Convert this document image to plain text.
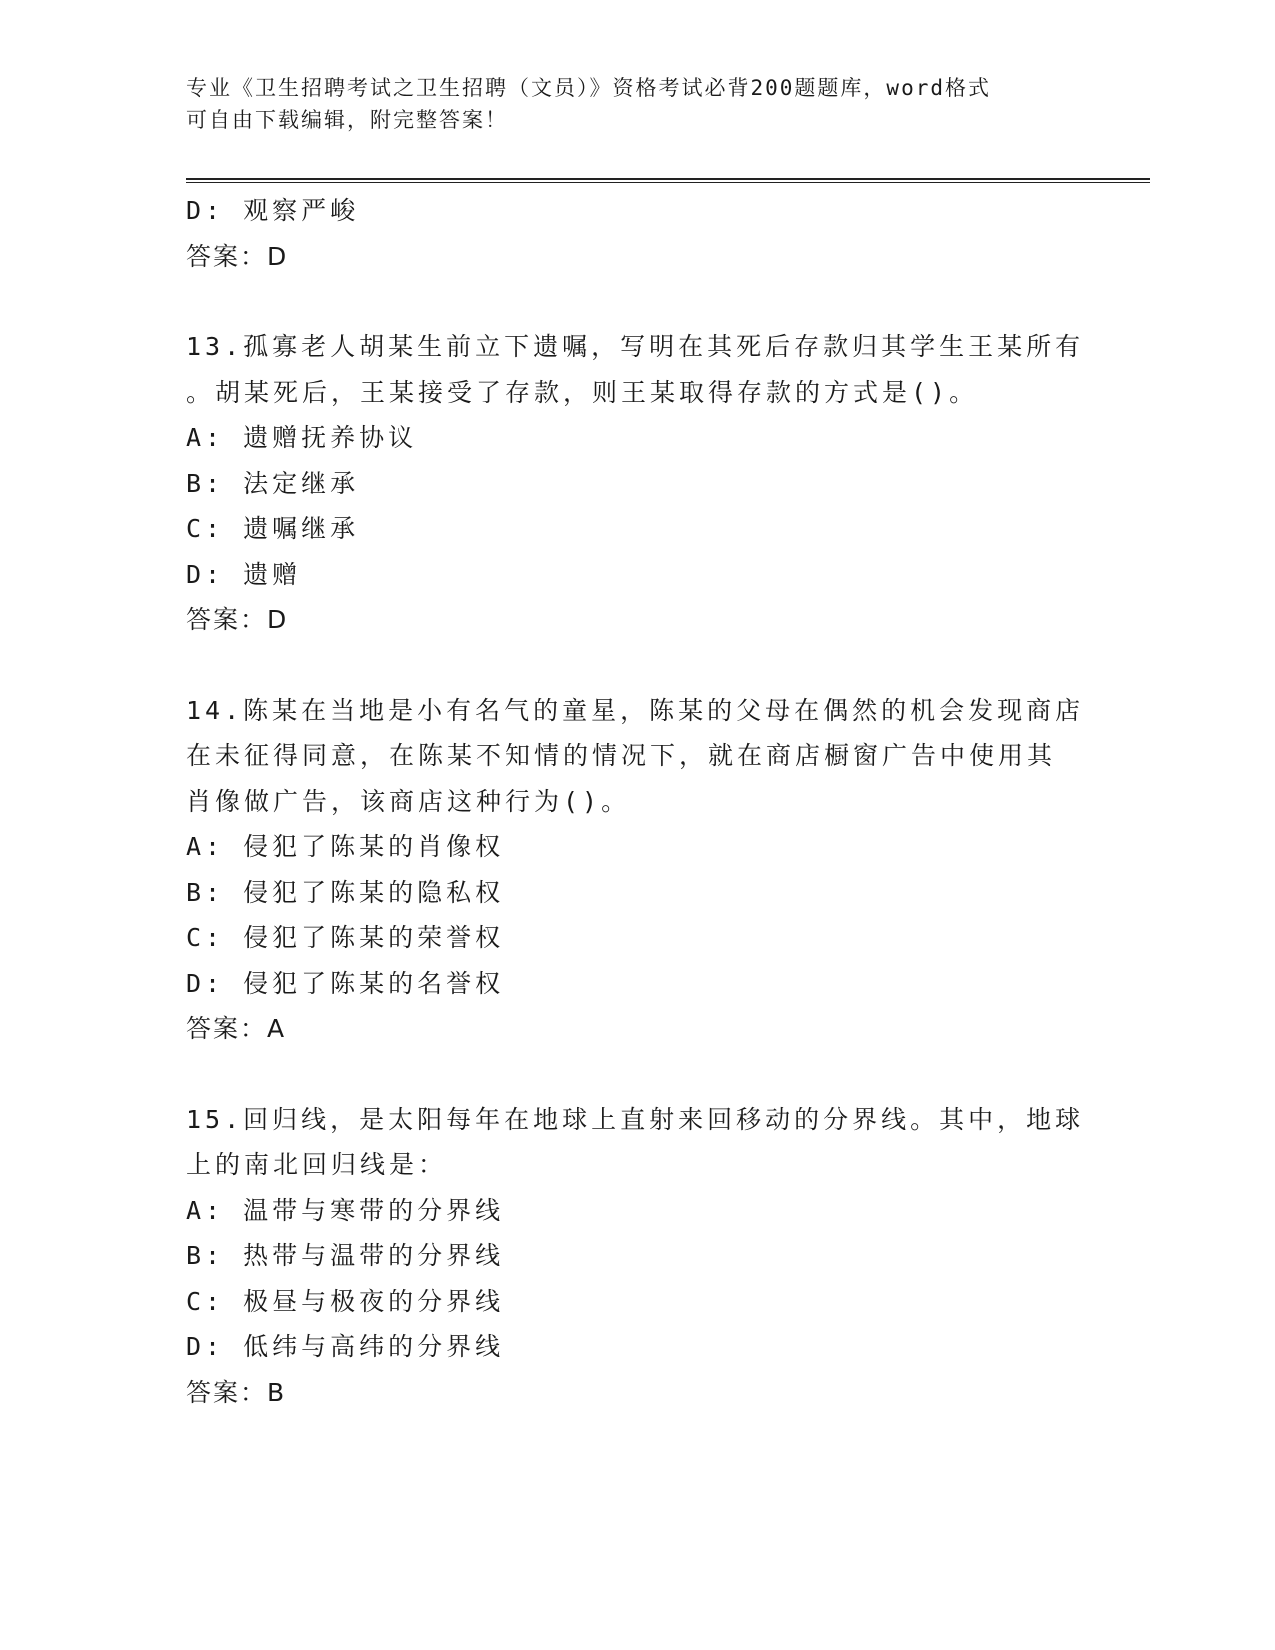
专业《卫生招聘考试之卫生招聘（文员）》资格考试必背200题题库，word格式
可自由下载编辑，附完整答案！
D: 观察严峻
答案：D
13.孤寡老人胡某生前立下遗嘱，写明在其死后存款归其学生王某所有
。胡某死后，王某接受了存款，则王某取得存款的方式是()。
A: 遗赠抚养协议
B: 法定继承
C: 遗嘱继承
D: 遗赠
答案：D
14.陈某在当地是小有名气的童星，陈某的父母在偶然的机会发现商店
在未征得同意，在陈某不知情的情况下，就在商店橱窗广告中使用其
肖像做广告，该商店这种行为()。
A: 侵犯了陈某的肖像权
B: 侵犯了陈某的隐私权
C: 侵犯了陈某的荣誉权
D: 侵犯了陈某的名誉权
答案：A
15.回归线，是太阳每年在地球上直射来回移动的分界线。其中，地球
上的南北回归线是：
A: 温带与寒带的分界线
B: 热带与温带的分界线
C: 极昼与极夜的分界线
D: 低纬与高纬的分界线
答案：B
